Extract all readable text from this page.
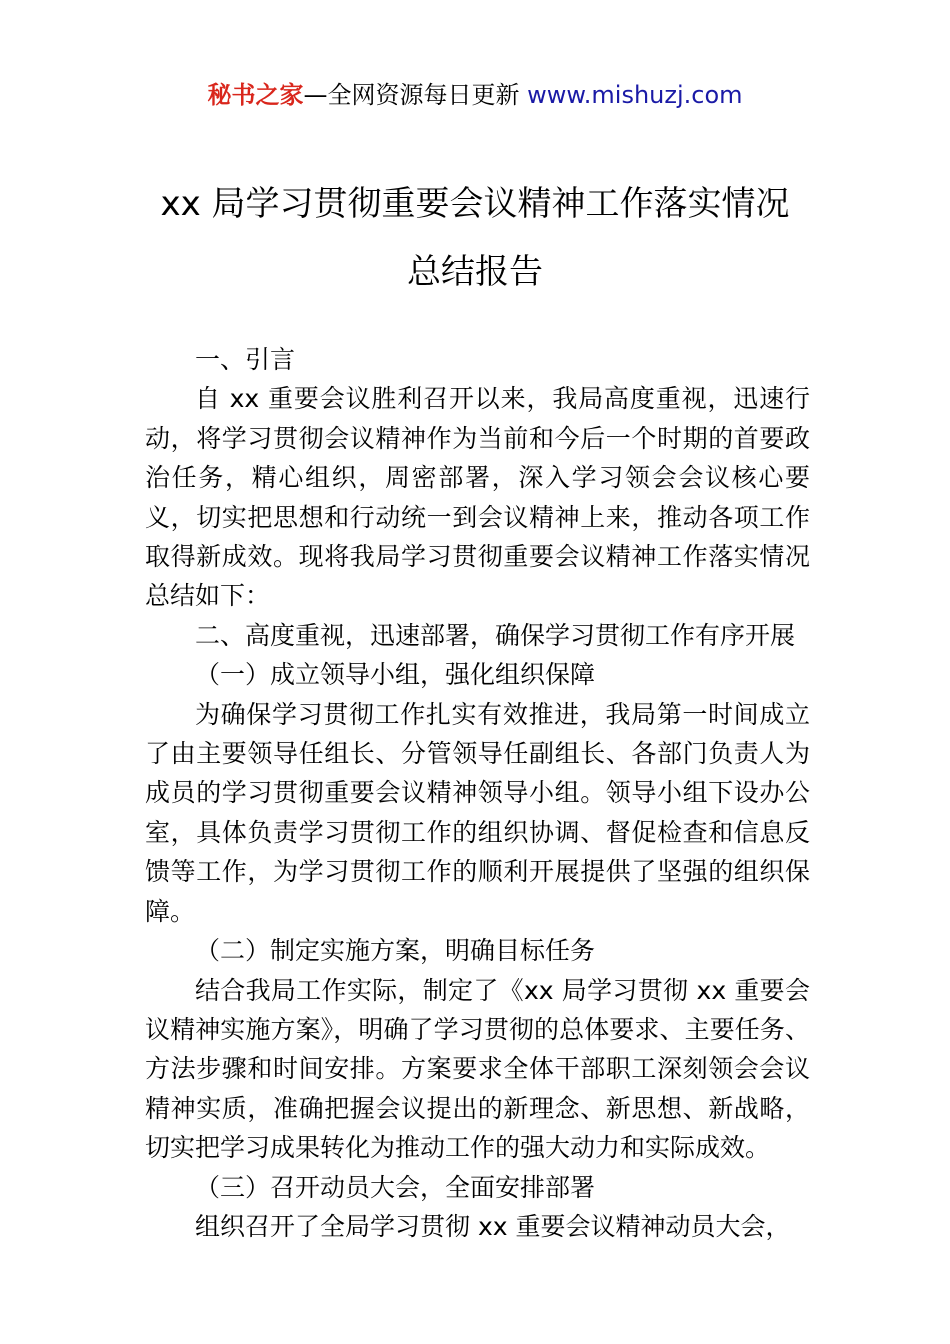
秘书之家—全网资源每日更新 www.mishuzj.com
xx 局学习贯彻重要会议精神工作落实情况
总结报告

一、引言

自 xx 重要会议胜利召开以来，我局高度重视，迅速行动，将学习贯彻会议精神作为当前和今后一个时期的首要政治任务，精心组织，周密部署，深入学习领会会议核心要义，切实把思想和行动统一到会议精神上来，推动各项工作取得新成效。现将我局学习贯彻重要会议精神工作落实情况总结如下：

二、高度重视，迅速部署，确保学习贯彻工作有序开展

（一）成立领导小组，强化组织保障

为确保学习贯彻工作扎实有效推进，我局第一时间成立了由主要领导任组长、分管领导任副组长、各部门负责人为成员的学习贯彻重要会议精神领导小组。领导小组下设办公室，具体负责学习贯彻工作的组织协调、督促检查和信息反馈等工作，为学习贯彻工作的顺利开展提供了坚强的组织保障。

（二）制定实施方案，明确目标任务

结合我局工作实际，制定了《xx 局学习贯彻 xx 重要会议精神实施方案》，明确了学习贯彻的总体要求、主要任务、方法步骤和时间安排。方案要求全体干部职工深刻领会会议精神实质，准确把握会议提出的新理念、新思想、新战略，切实把学习成果转化为推动工作的强大动力和实际成效。

（三）召开动员大会，全面安排部署

组织召开了全局学习贯彻 xx 重要会议精神动员大会，
